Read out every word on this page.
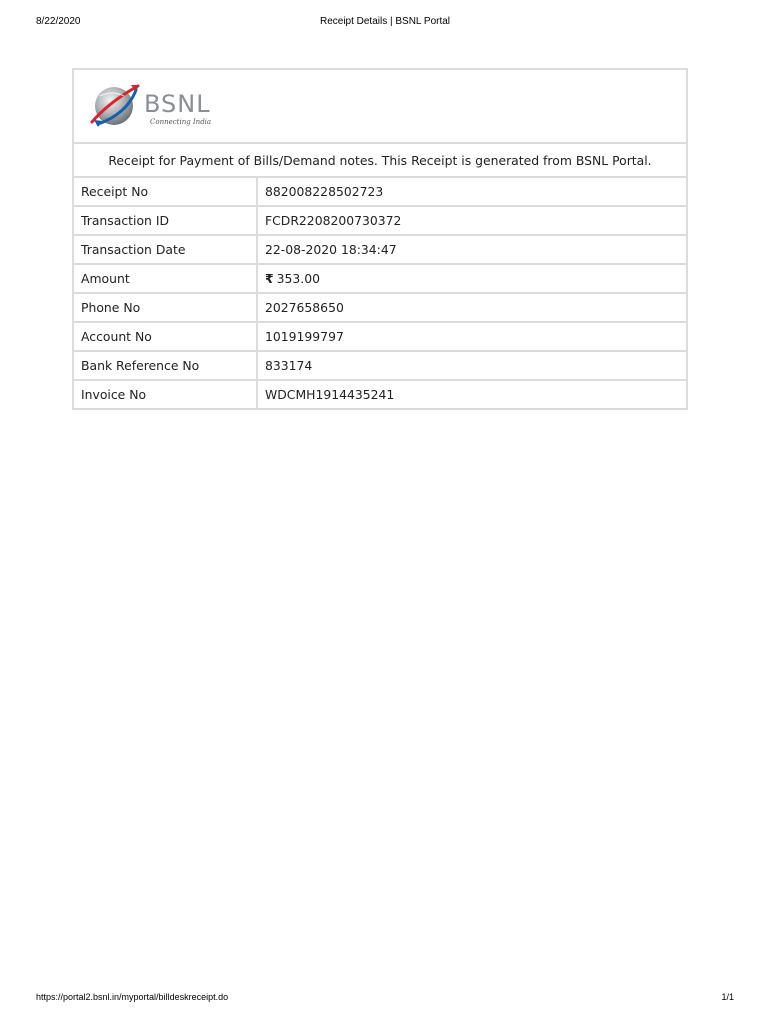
8/22/2020	Receipt Details | BSNL Portal
BSNL
Connecting India	

Receipt for Payment of Bills/Demand notes. This Receipt is generated from BSNL Portal.	
Receipt No	882008228502723
Transaction ID	FCDR2208200730372
Transaction Date	22-08-2020 18:34:47
Amount	₹ 353.00
Phone No	2027658650
Account No	1019199797
Bank Reference No	833174
Invoice No	WDCMH1914435241
https://portal2.bsnl.in/myportal/billdeskreceipt.do	1/1
